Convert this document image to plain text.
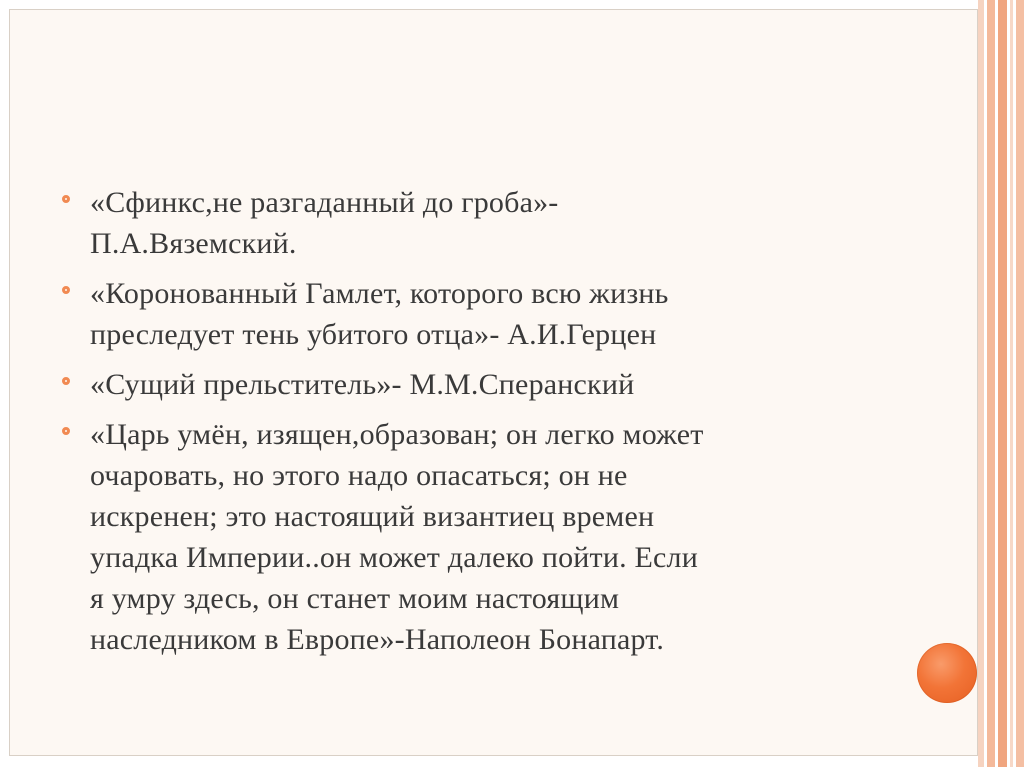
«Сфинкс,не разгаданный до гроба»-
П.А.Вяземский.
«Коронованный Гамлет, которого всю жизнь
преследует тень убитого отца»- А.И.Герцен
«Сущий прельститель»- М.М.Сперанский
«Царь умён, изящен,образован; он легко может
очаровать, но этого надо опасаться; он не
искренен; это настоящий византиец времен
упадка Империи..он может далеко пойти. Если
я умру здесь, он станет моим настоящим
наследником в Европе»-Наполеон Бонапарт.
